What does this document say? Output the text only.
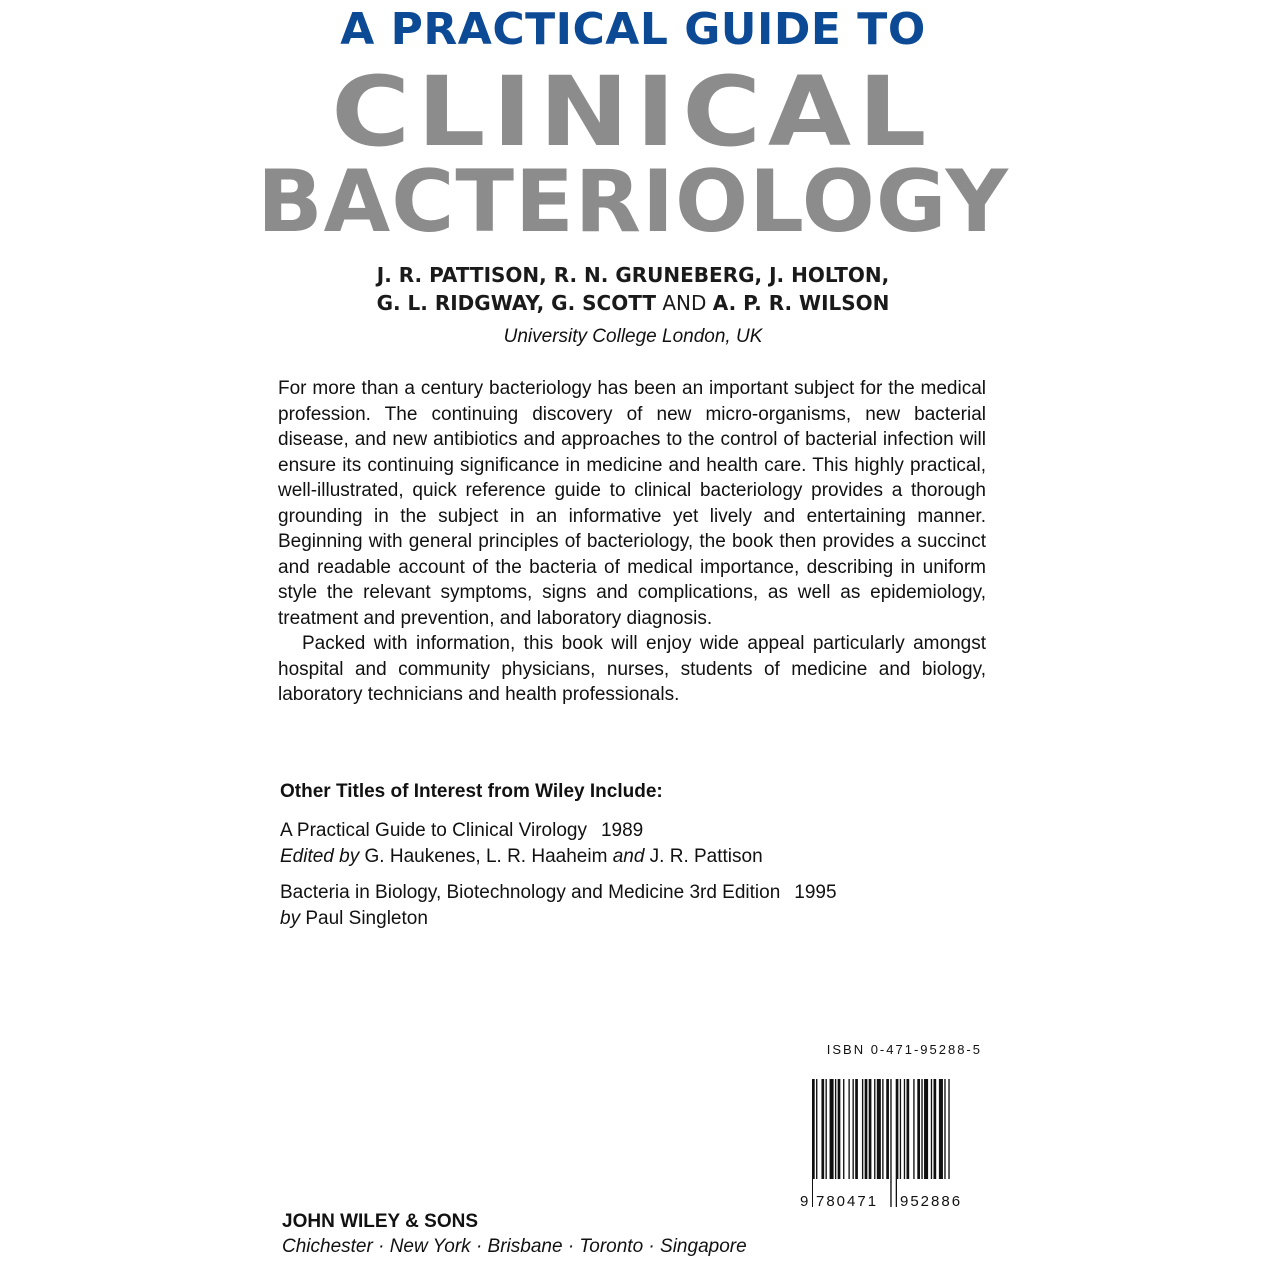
A PRACTICAL GUIDE TO
CLINICAL
BACTERIOLOGY
J. R. PATTISON, R. N. GRUNEBERG, J. HOLTON,
G. L. RIDGWAY, G. SCOTT AND A. P. R. WILSON
University College London, UK

For more than a century bacteriology has been an important subject for the medical profession. The continuing discovery of new micro-organisms, new bacterial disease, and new antibiotics and approaches to the control of bacterial infection will ensure its continuing significance in medicine and health care. This highly practical, well-illustrated, quick reference guide to clinical bacteriology provides a thorough grounding in the subject in an informative yet lively and entertaining manner. Beginning with general principles of bacteriology, the book then provides a succinct and readable account of the bacteria of medical importance, describing in uniform style the relevant symptoms, signs and complications, as well as epidemiology, treatment and prevention, and laboratory diagnosis.

Packed with information, this book will enjoy wide appeal particularly amongst hospital and community physicians, nurses, students of medicine and biology, laboratory technicians and health professionals.

Other Titles of Interest from Wiley Include:
A Practical Guide to Clinical Virology 1989
Edited by G. Haukenes, L. R. Haaheim and J. R. Pattison
Bacteria in Biology, Biotechnology and Medicine 3rd Edition 1995
by Paul Singleton
ISBN 0-471-95288-5
9 780471 952886
JOHN WILEY & SONS
Chichester · New York · Brisbane · Toronto · Singapore
